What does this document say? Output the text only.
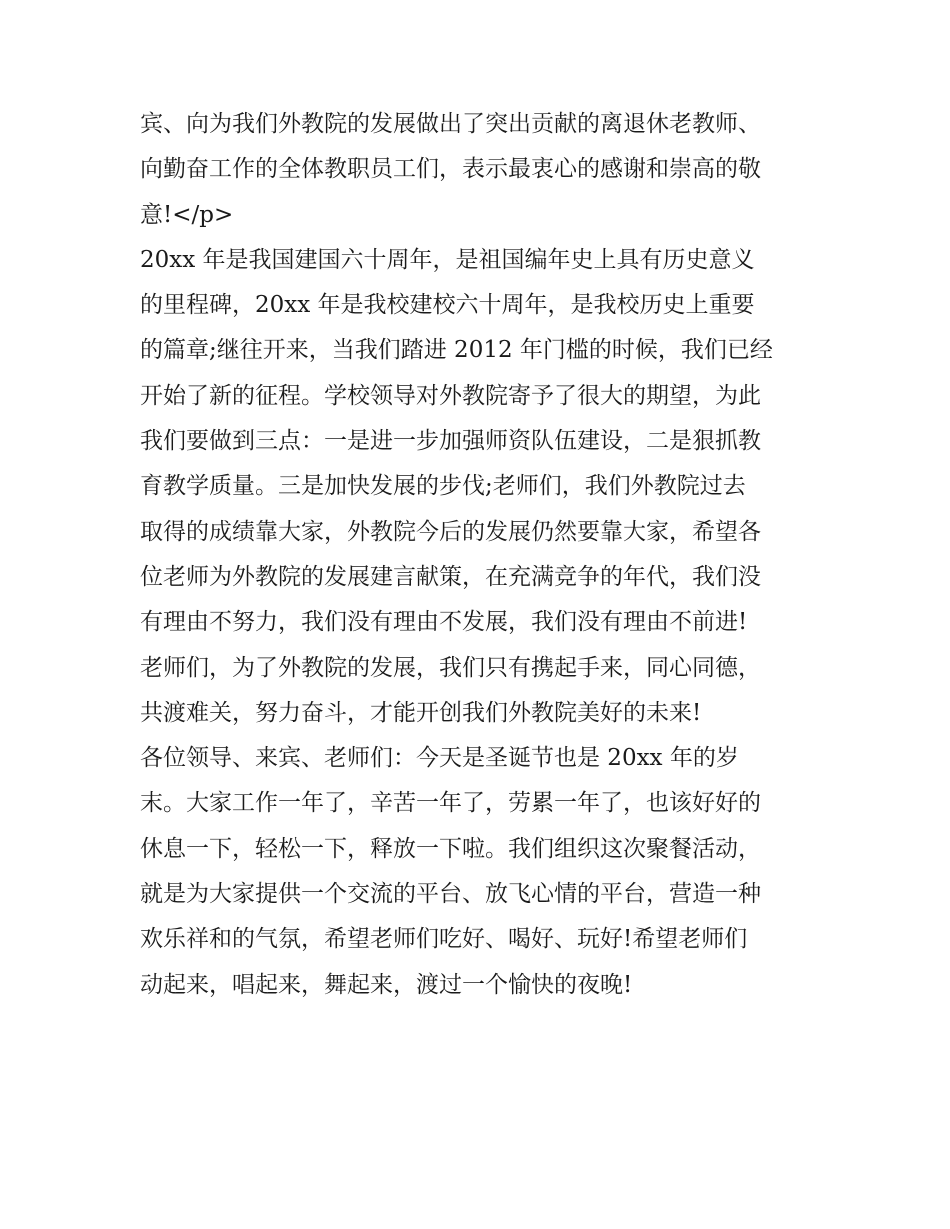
宾、向为我们外教院的发展做出了突出贡献的离退休老教师、
向勤奋工作的全体教职员工们，表示最衷心的感谢和崇高的敬
意!</p>
20xx 年是我国建国六十周年，是祖国编年史上具有历史意义
的里程碑，20xx 年是我校建校六十周年，是我校历史上重要
的篇章;继往开来，当我们踏进 2012 年门槛的时候，我们已经
开始了新的征程。学校领导对外教院寄予了很大的期望，为此
我们要做到三点：一是进一步加强师资队伍建设，二是狠抓教
育教学质量。三是加快发展的步伐;老师们，我们外教院过去
取得的成绩靠大家，外教院今后的发展仍然要靠大家，希望各
位老师为外教院的发展建言献策，在充满竞争的年代，我们没
有理由不努力，我们没有理由不发展，我们没有理由不前进!
老师们，为了外教院的发展，我们只有携起手来，同心同德，
共渡难关，努力奋斗，才能开创我们外教院美好的未来!
各位领导、来宾、老师们：今天是圣诞节也是 20xx 年的岁
末。大家工作一年了，辛苦一年了，劳累一年了，也该好好的
休息一下，轻松一下，释放一下啦。我们组织这次聚餐活动，
就是为大家提供一个交流的平台、放飞心情的平台，营造一种
欢乐祥和的气氛，希望老师们吃好、喝好、玩好!希望老师们
动起来，唱起来，舞起来，渡过一个愉快的夜晚!
